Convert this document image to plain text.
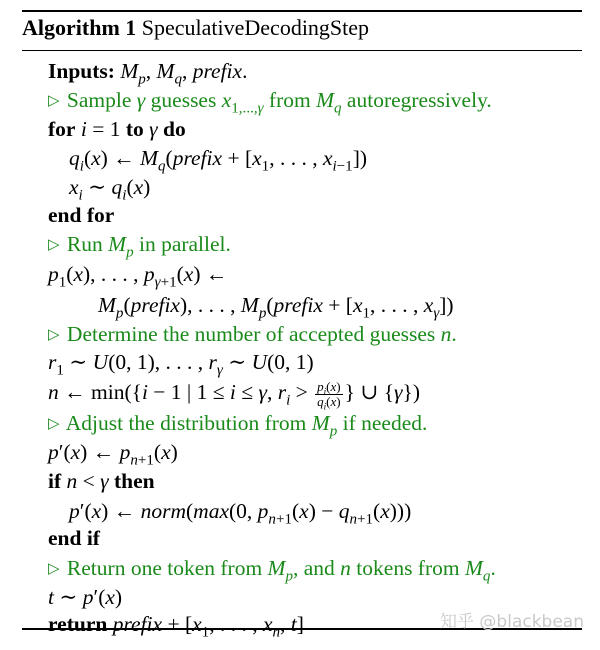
Algorithm 1 SpeculativeDecodingStep
Inputs: $M_p$, $M_q$, prefix.
▷ Sample γ guesses $x_{1,...,\gamma}$ from $M_q$ autoregressively.
for i = 1 to γ do
$q_i(x)$ ← $M_q(prefix + [x_1$, . . . , $x_{i-1}$])
$x_i$ ∼ $q_i(x)$
end for
▷ Run $M_p$ in parallel.
$p_1(x)$, . . . , $p_{\gamma+1}(x)$ ←
$M_p(prefix)$, . . . , $M_p(prefix + [x_1$, . . . , $x_\gamma$])
▷ Determine the number of accepted guesses n.
$r_1$ ∼ U(0, 1), . . . , $r_\gamma$ ∼ U(0, 1)
n ← min({i − 1 | 1 ≤ i ≤ γ, $r_i > \frac{p_i(x)}{q_i(x)}$ } ∪ {γ})
▷ Adjust the distribution from $M_p$ if needed.
p′(x) ← $p_{n+1}(x)$
if n < γ then
p′(x) ← norm(max(0, $p_{n+1}(x) - q_{n+1}(x)$))
end if
▷ Return one token from $M_p$, and n tokens from $M_q$.
t ∼ p′(x)
return prefix + [$x_1$, . . . , $x_n$, t]	知乎 @blackbean
